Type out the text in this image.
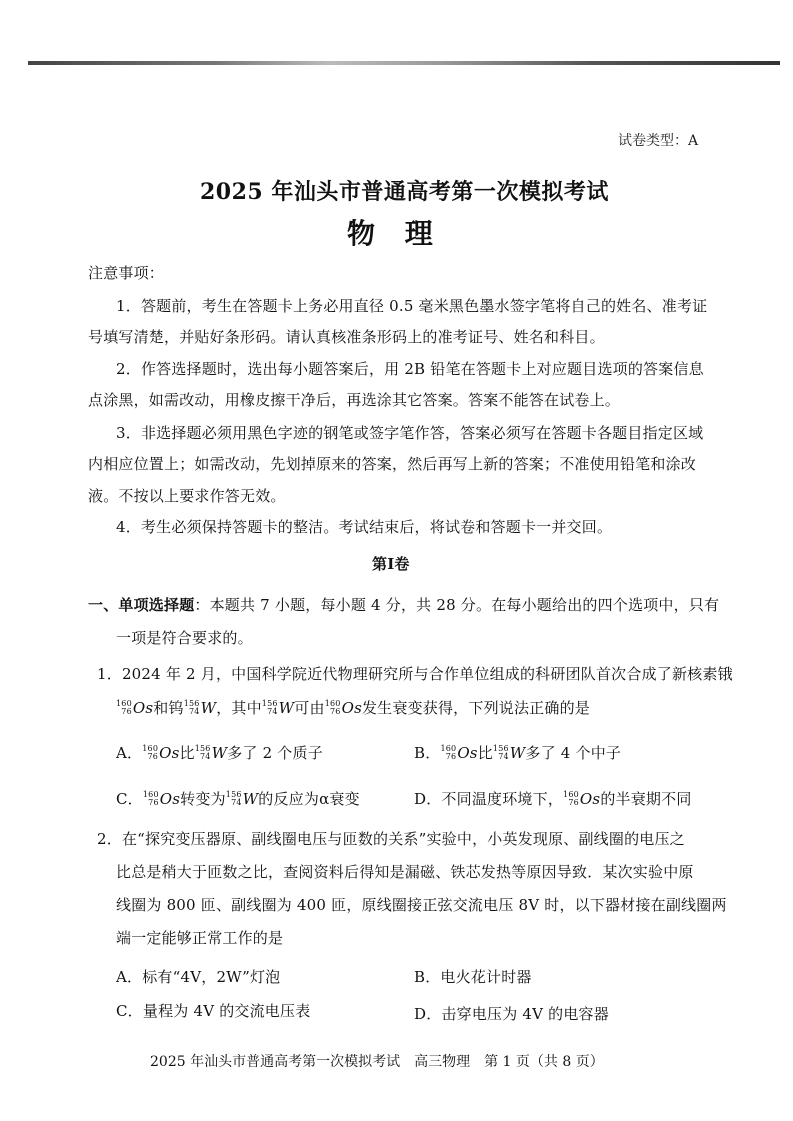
试卷类型：A
2025 年汕头市普通高考第一次模拟考试
物 理
注意事项：
1．答题前，考生在答题卡上务必用直径 0.5 毫米黑色墨水签字笔将自己的姓名、准考证
号填写清楚，并贴好条形码。请认真核准条形码上的准考证号、姓名和科目。
2．作答选择题时，选出每小题答案后，用 2B 铅笔在答题卡上对应题目选项的答案信息
点涂黑，如需改动，用橡皮擦干净后，再选涂其它答案。答案不能答在试卷上。
3．非选择题必须用黑色字迹的钢笔或签字笔作答，答案必须写在答题卡各题目指定区域
内相应位置上；如需改动，先划掉原来的答案，然后再写上新的答案；不准使用铅笔和涂改
液。不按以上要求作答无效。
4．考生必须保持答题卡的整洁。考试结束后，将试卷和答题卡一并交回。
第Ⅰ卷
一、单项选择题：本题共 7 小题，每小题 4 分，共 28 分。在每小题给出的四个选项中，只有
一项是符合要求的。
1．2024 年 2 月，中国科学院近代物理研究所与合作单位组成的科研团队首次合成了新核素锇
160
76 Os和钨 156
74 W，其中 156
74 W可由 160
76 Os发生衰变获得，下列说法正确的是
A． 160
76 Os比 156
74 W多了 2 个质子	B． 160
76 Os比 156
74 W多了 4 个中子
C． 160
76 Os转变为 156
74 W的反应为α衰变	D．不同温度环境下， 160
76 Os的半衰期不同
2．在“探究变压器原、副线圈电压与匝数的关系”实验中，小英发现原、副线圈的电压之
比总是稍大于匝数之比，查阅资料后得知是漏磁、铁芯发热等原因导致．某次实验中原
线圈为 800 匝、副线圈为 400 匝，原线圈接正弦交流电压 8V 时，以下器材接在副线圈两
端一定能够正常工作的是
A．标有“4V，2W”灯泡	B．电火花计时器
C．量程为 4V 的交流电压表	D．击穿电压为 4V 的电容器
2025 年汕头市普通高考第一次模拟考试　高三物理　第 1 页（共 8 页）
